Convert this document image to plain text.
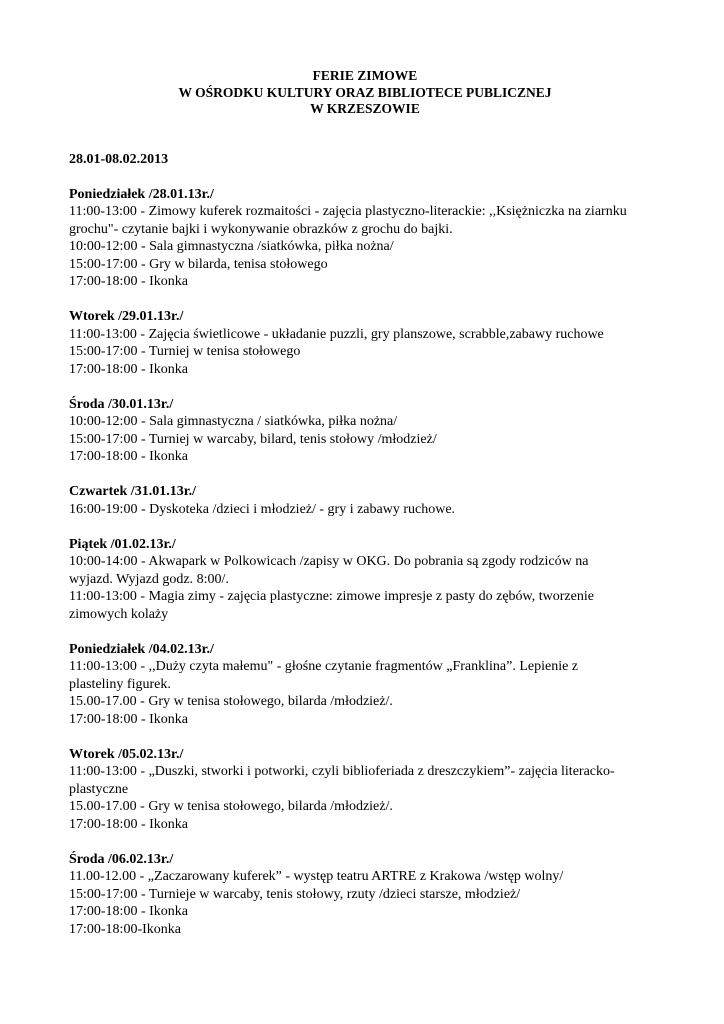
FERIE ZIMOWE
W OŚRODKU KULTURY ORAZ BIBLIOTECE PUBLICZNEJ
W KRZESZOWIE
28.01-08.02.2013
Poniedziałek /28.01.13r./
11:00-13:00 - Zimowy kuferek rozmaitości - zajęcia plastyczno-literackie: ,,Księżniczka na ziarnku
grochu"- czytanie bajki i wykonywanie obrazków z grochu do bajki.
10:00-12:00 - Sala gimnastyczna /siatkówka, piłka nożna/
15:00-17:00 - Gry w bilarda, tenisa stołowego
17:00-18:00 - Ikonka
Wtorek /29.01.13r./
11:00-13:00 - Zajęcia świetlicowe - układanie puzzli, gry planszowe, scrabble,zabawy ruchowe
15:00-17:00 - Turniej w tenisa stołowego
17:00-18:00 - Ikonka
Środa /30.01.13r./
10:00-12:00 - Sala gimnastyczna / siatkówka, piłka nożna/
15:00-17:00 - Turniej w warcaby, bilard, tenis stołowy /młodzież/
17:00-18:00 - Ikonka
Czwartek /31.01.13r./
16:00-19:00 - Dyskoteka /dzieci i młodzież/ - gry i zabawy ruchowe.
Piątek /01.02.13r./
10:00-14:00 - Akwapark w Polkowicach /zapisy w OKG. Do pobrania są zgody rodziców na
wyjazd. Wyjazd godz. 8:00/.
11:00-13:00 - Magia zimy - zajęcia plastyczne: zimowe impresje z pasty do zębów, tworzenie
zimowych kolaży
Poniedziałek /04.02.13r./
11:00-13:00 - ,,Duży czyta małemu" - głośne czytanie fragmentów „Franklina”. Lepienie z
plasteliny figurek.
15.00-17.00 - Gry w tenisa stołowego, bilarda /młodzież/.
17:00-18:00 - Ikonka
Wtorek /05.02.13r./
11:00-13:00 - „Duszki, stworki i potworki, czyli biblioferiada z dreszczykiem”- zajęcia literacko-
plastyczne
15.00-17.00 - Gry w tenisa stołowego, bilarda /młodzież/.
17:00-18:00 - Ikonka
Środa /06.02.13r./
11.00-12.00 - „Zaczarowany kuferek” - występ teatru ARTRE z Krakowa /wstęp wolny/
15:00-17:00 - Turnieje w warcaby, tenis stołowy, rzuty /dzieci starsze, młodzież/
17:00-18:00 - Ikonka
17:00-18:00-Ikonka
